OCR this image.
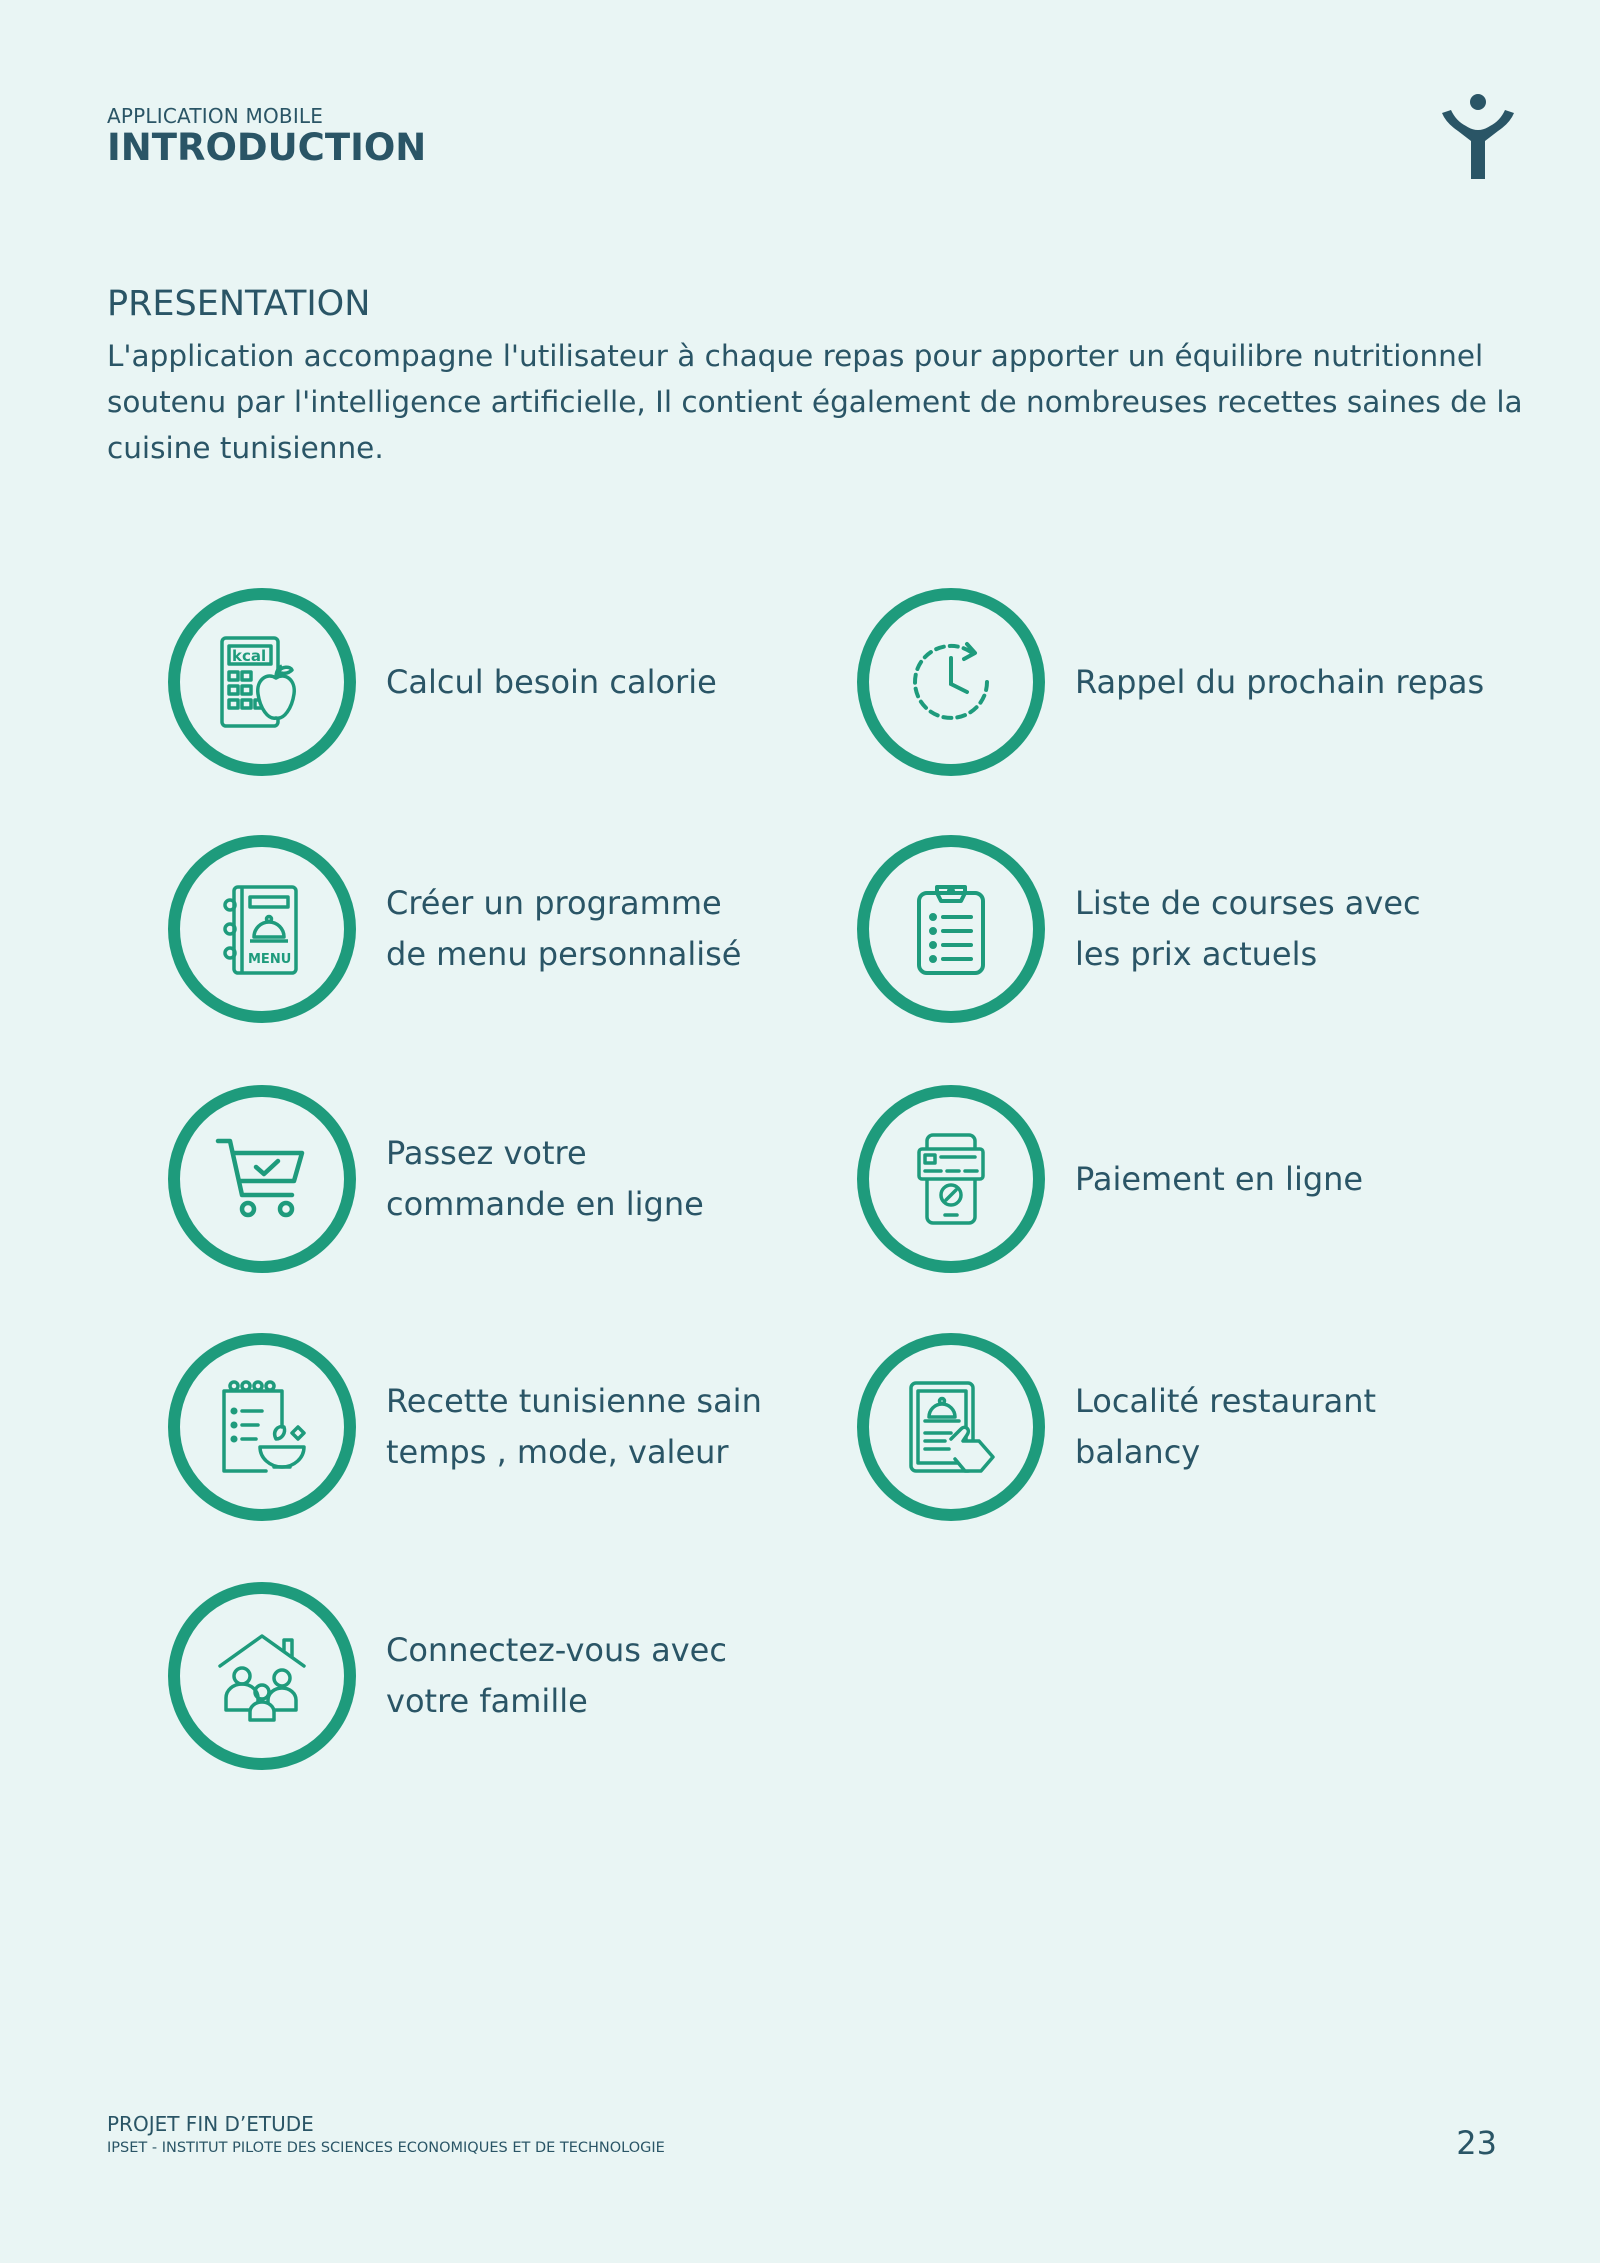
APPLICATION MOBILE
INTRODUCTION
PRESENTATION
L'application accompagne l'utilisateur à chaque repas pour apporter un équilibre nutritionnel soutenu par l'intelligence artificielle, Il contient également de nombreuses recettes saines de la cuisine tunisienne.
kcal
Calcul besoin calorie	Rappel du prochain repas
MENU
Créer un programme
de menu personnalisé
Liste de courses avec
les prix actuels
Passez votre
commande en ligne
Paiement en ligne
Recette tunisienne sain
temps , mode, valeur
Localité restaurant
balancy
Connectez-vous avec
votre famille
PROJET FIN D’ETUDE
IPSET - INSTITUT PILOTE DES SCIENCES ECONOMIQUES ET DE TECHNOLOGIE	23
